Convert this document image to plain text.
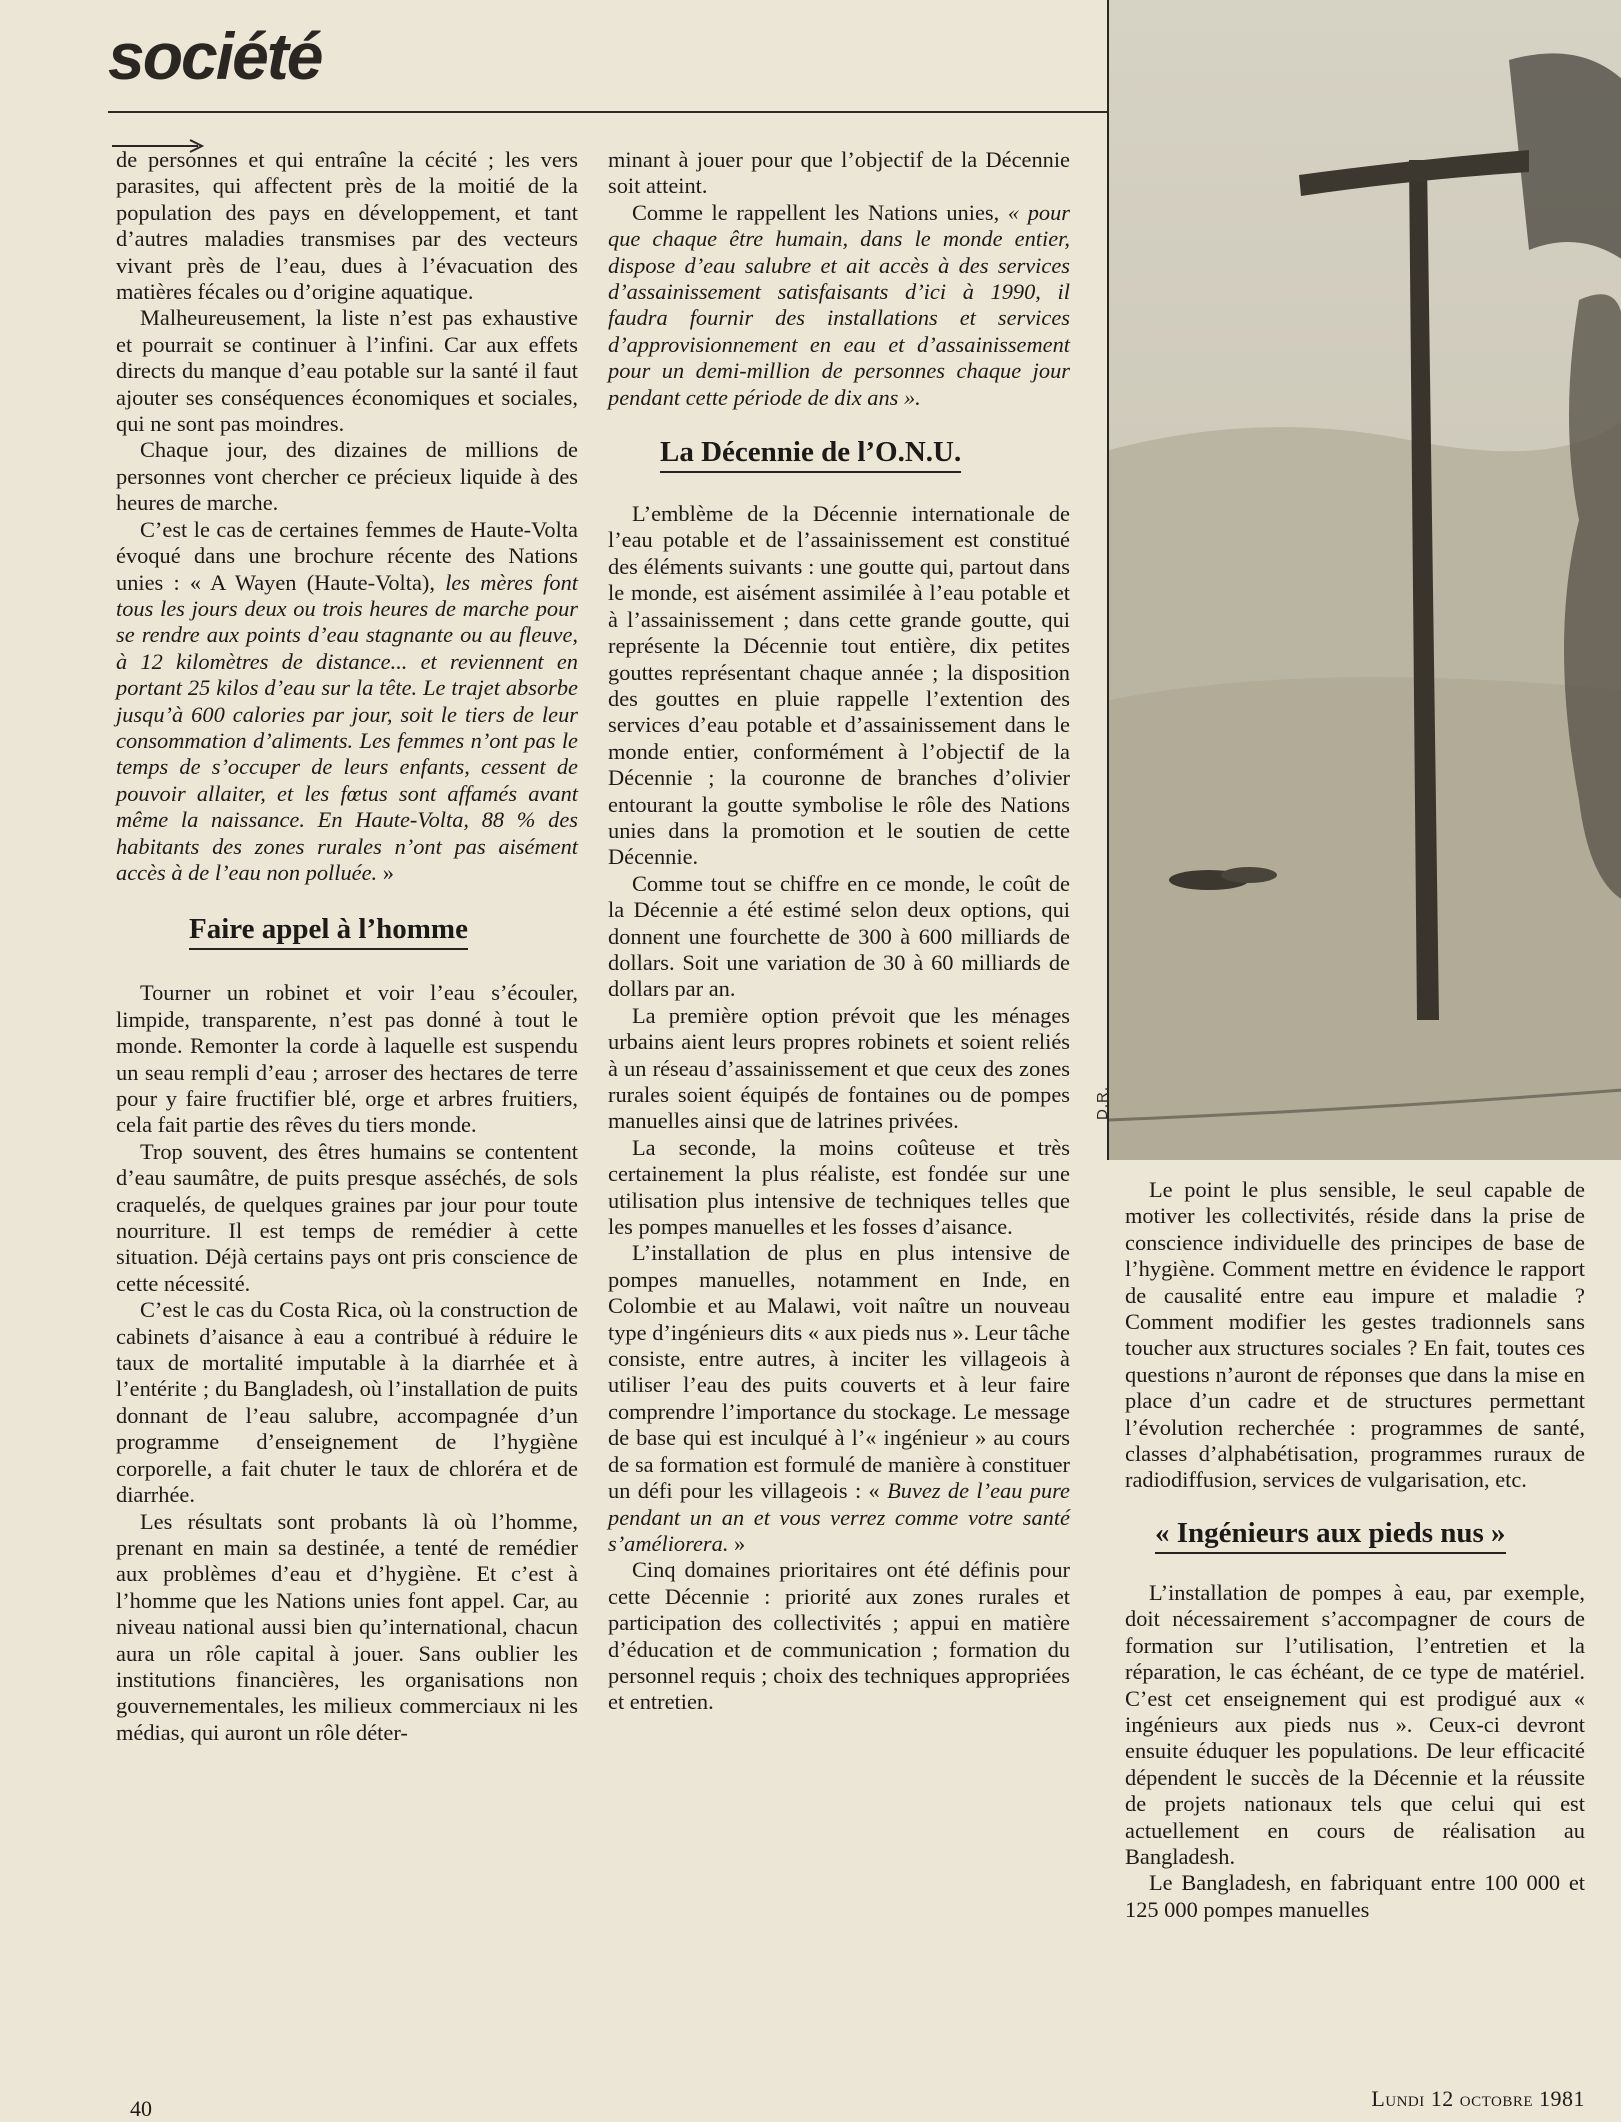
société

de personnes et qui entraîne la cécité ; les vers parasites, qui affectent près de la moitié de la population des pays en développement, et tant d’autres maladies transmises par des vecteurs vivant près de l’eau, dues à l’évacuation des matières fécales ou d’origine aquatique.

Malheureusement, la liste n’est pas exhaustive et pourrait se continuer à l’infini. Car aux effets directs du manque d’eau potable sur la santé il faut ajouter ses conséquences économiques et sociales, qui ne sont pas moindres.

Chaque jour, des dizaines de millions de personnes vont chercher ce précieux liquide à des heures de marche.

C’est le cas de certaines femmes de Haute-Volta évoqué dans une brochure récente des Nations unies : « A Wayen (Haute-Volta), les mères font tous les jours deux ou trois heures de marche pour se rendre aux points d’eau stagnante ou au fleuve, à 12 kilomètres de distance... et reviennent en portant 25 kilos d’eau sur la tête. Le trajet absorbe jusqu’à 600 calories par jour, soit le tiers de leur consommation d’aliments. Les femmes n’ont pas le temps de s’occuper de leurs enfants, cessent de pouvoir allaiter, et les fœtus sont affamés avant même la naissance. En Haute-Volta, 88 % des habitants des zones rurales n’ont pas aisément accès à de l’eau non polluée. »

Faire appel à l’homme

Tourner un robinet et voir l’eau s’écouler, limpide, transparente, n’est pas donné à tout le monde. Remonter la corde à laquelle est suspendu un seau rempli d’eau ; arroser des hectares de terre pour y faire fructifier blé, orge et arbres fruitiers, cela fait partie des rêves du tiers monde.

Trop souvent, des êtres humains se contentent d’eau saumâtre, de puits presque asséchés, de sols craquelés, de quelques graines par jour pour toute nourriture. Il est temps de remédier à cette situation. Déjà certains pays ont pris conscience de cette nécessité.

C’est le cas du Costa Rica, où la construction de cabinets d’aisance à eau a contribué à réduire le taux de mortalité imputable à la diarrhée et à l’entérite ; du Bangladesh, où l’installation de puits donnant de l’eau salubre, accompagnée d’un programme d’enseignement de l’hygiène corporelle, a fait chuter le taux de chloréra et de diarrhée.

Les résultats sont probants là où l’homme, prenant en main sa destinée, a tenté de remédier aux problèmes d’eau et d’hygiène. Et c’est à l’homme que les Nations unies font appel. Car, au niveau national aussi bien qu’international, chacun aura un rôle capital à jouer. Sans oublier les institutions financières, les organisations non gouvernementales, les milieux commerciaux ni les médias, qui auront un rôle déter-

minant à jouer pour que l’objectif de la Décennie soit atteint.

Comme le rappellent les Nations unies, « pour que chaque être humain, dans le monde entier, dispose d’eau salubre et ait accès à des services d’assainissement satisfaisants d’ici à 1990, il faudra fournir des installations et services d’approvisionnement en eau et d’assainissement pour un demi-million de personnes chaque jour pendant cette période de dix ans ».

La Décennie de l’O.N.U.

L’emblème de la Décennie internationale de l’eau potable et de l’assainissement est constitué des éléments suivants : une goutte qui, partout dans le monde, est aisément assimilée à l’eau potable et à l’assainissement ; dans cette grande goutte, qui représente la Décennie tout entière, dix petites gouttes représentant chaque année ; la disposition des gouttes en pluie rappelle l’extention des services d’eau potable et d’assainissement dans le monde entier, conformément à l’objectif de la Décennie ; la couronne de branches d’olivier entourant la goutte symbolise le rôle des Nations unies dans la promotion et le soutien de cette Décennie.

Comme tout se chiffre en ce monde, le coût de la Décennie a été estimé selon deux options, qui donnent une fourchette de 300 à 600 milliards de dollars. Soit une variation de 30 à 60 milliards de dollars par an.

La première option prévoit que les ménages urbains aient leurs propres robinets et soient reliés à un réseau d’assainissement et que ceux des zones rurales soient équipés de fontaines ou de pompes manuelles ainsi que de latrines privées.

La seconde, la moins coûteuse et très certainement la plus réaliste, est fondée sur une utilisation plus intensive de techniques telles que les pompes manuelles et les fosses d’aisance.

L’installation de plus en plus intensive de pompes manuelles, notamment en Inde, en Colombie et au Malawi, voit naître un nouveau type d’ingénieurs dits « aux pieds nus ». Leur tâche consiste, entre autres, à inciter les villageois à utiliser l’eau des puits couverts et à leur faire comprendre l’importance du stockage. Le message de base qui est inculqué à l’« ingénieur » au cours de sa formation est formulé de manière à constituer un défi pour les villageois : « Buvez de l’eau pure pendant un an et vous verrez comme votre santé s’améliorera. »

Cinq domaines prioritaires ont été définis pour cette Décennie : priorité aux zones rurales et participation des collectivités ; appui en matière d’éducation et de communication ; formation du personnel requis ; choix des techniques appropriées et entretien.

D.R.

Le point le plus sensible, le seul capable de motiver les collectivités, réside dans la prise de conscience individuelle des principes de base de l’hygiène. Comment mettre en évidence le rapport de causalité entre eau impure et maladie ? Comment modifier les gestes tradionnels sans toucher aux structures sociales ? En fait, toutes ces questions n’auront de réponses que dans la mise en place d’un cadre et de structures permettant l’évolution recherchée : programmes de santé, classes d’alphabétisation, programmes ruraux de radiodiffusion, services de vulgarisation, etc.

« Ingénieurs aux pieds nus »

L’installation de pompes à eau, par exemple, doit nécessairement s’accompagner de cours de formation sur l’utilisation, l’entretien et la réparation, le cas échéant, de ce type de matériel. C’est cet enseignement qui est prodigué aux « ingénieurs aux pieds nus ». Ceux-ci devront ensuite éduquer les populations. De leur efficacité dépendent le succès de la Décennie et la réussite de projets nationaux tels que celui qui est actuellement en cours de réalisation au Bangladesh.

Le Bangladesh, en fabriquant entre 100 000 et 125 000 pompes manuelles

40	Lundi 12 octobre 1981
